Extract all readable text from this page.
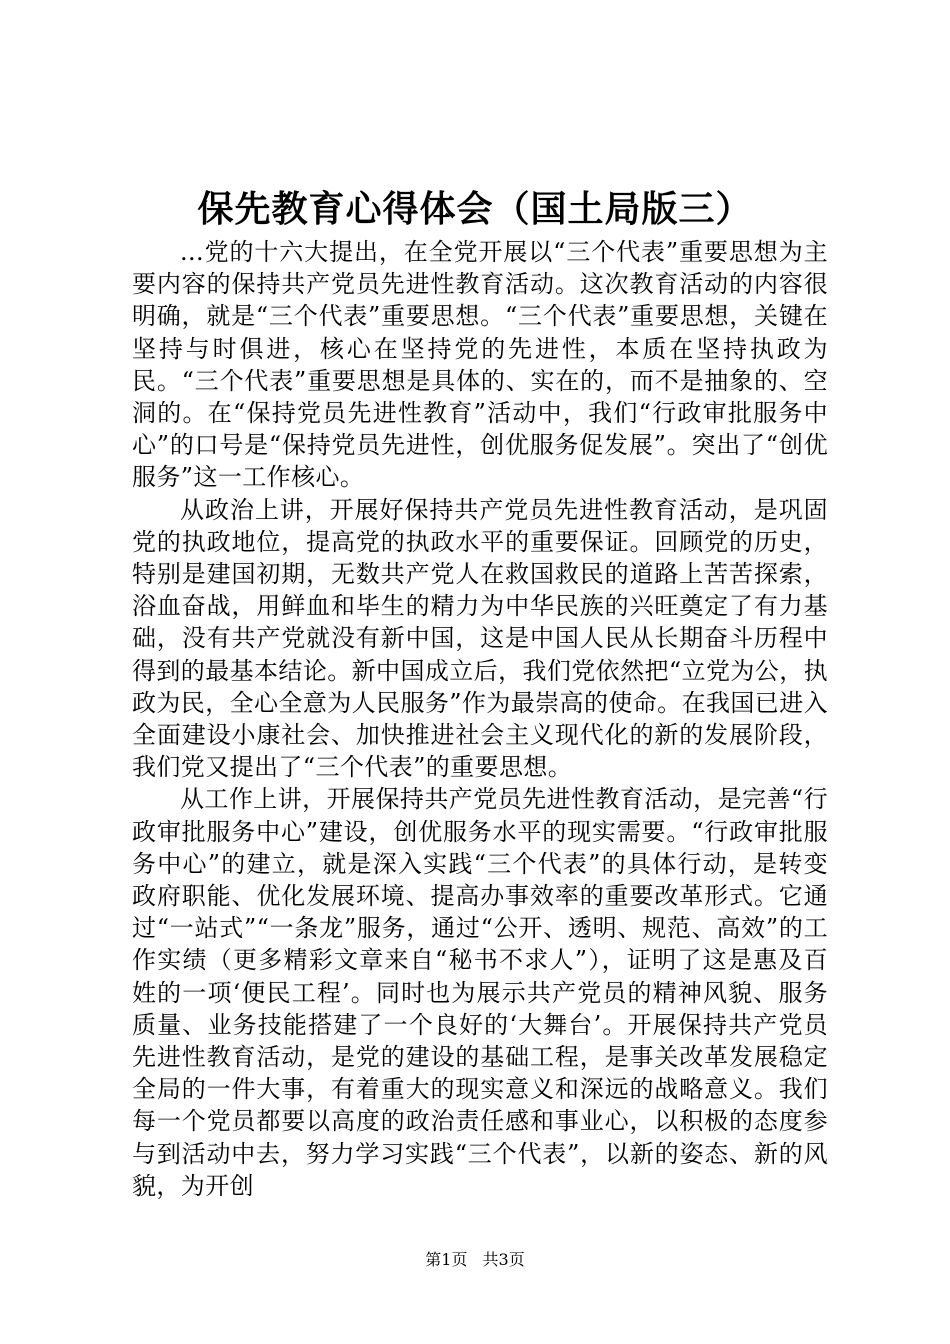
保先教育心得体会（国土局版三）

...党的十六大提出，在全党开展以“三个代表”重要思想为主要内容的保持共产党员先进性教育活动。这次教育活动的内容很明确，就是“三个代表”重要思想。“三个代表”重要思想，关键在坚持与时俱进，核心在坚持党的先进性，本质在坚持执政为民。“三个代表”重要思想是具体的、实在的，而不是抽象的、空洞的。在“保持党员先进性教育”活动中，我们“行政审批服务中心”的口号是“保持党员先进性，创优服务促发展”。突出了“创优服务”这一工作核心。

从政治上讲，开展好保持共产党员先进性教育活动，是巩固党的执政地位，提高党的执政水平的重要保证。回顾党的历史，特别是建国初期，无数共产党人在救国救民的道路上苦苦探索，浴血奋战，用鲜血和毕生的精力为中华民族的兴旺奠定了有力基础，没有共产党就没有新中国，这是中国人民从长期奋斗历程中得到的最基本结论。新中国成立后，我们党依然把“立党为公，执政为民，全心全意为人民服务”作为最崇高的使命。在我国已进入全面建设小康社会、加快推进社会主义现代化的新的发展阶段，我们党又提出了“三个代表”的重要思想。

从工作上讲，开展保持共产党员先进性教育活动，是完善“行政审批服务中心”建设，创优服务水平的现实需要。“行政审批服务中心”的建立，就是深入实践“三个代表”的具体行动，是转变政府职能、优化发展环境、提高办事效率的重要改革形式。它通过“一站式”“一条龙”服务，通过“公开、透明、规范、高效”的工作实绩（更多精彩文章来自“秘书不求人”），证明了这是惠及百姓的一项‘便民工程’。同时也为展示共产党员的精神风貌、服务质量、业务技能搭建了一个良好的‘大舞台’。开展保持共产党员先进性教育活动，是党的建设的基础工程，是事关改革发展稳定全局的一件大事，有着重大的现实意义和深远的战略意义。我们每一个党员都要以高度的政治责任感和事业心，以积极的态度参与到活动中去，努力学习实践“三个代表”，以新的姿态、新的风貌，为开创

第1页 共3页
